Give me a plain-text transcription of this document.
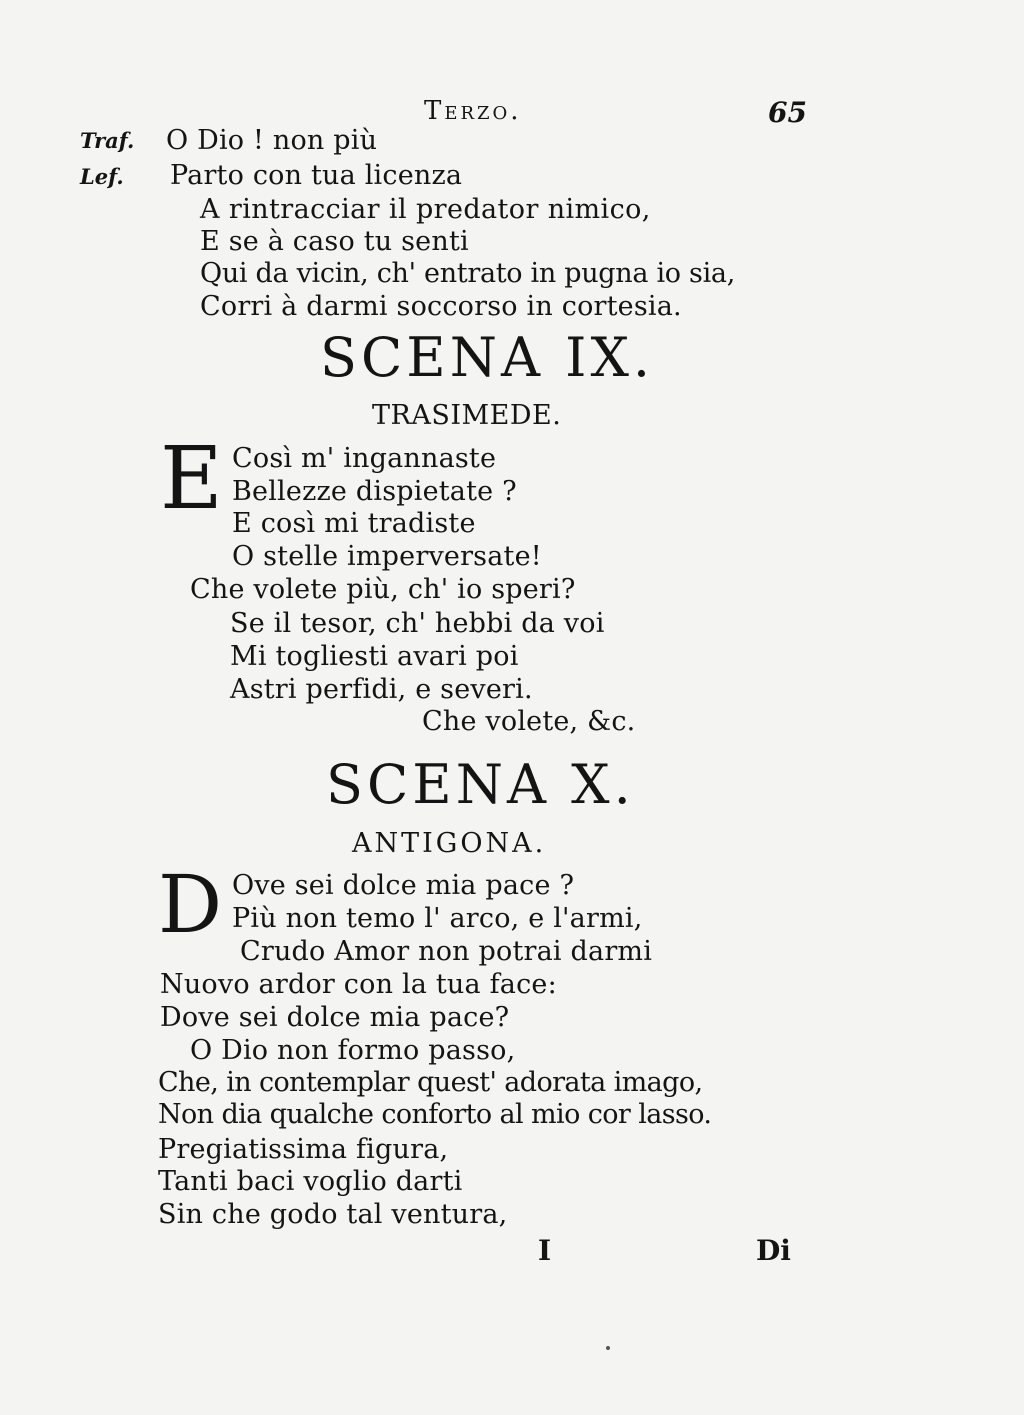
Terzo.	65
Traf. O Dio ! non più
Lef. Parto con tua licenza
A rintracciar il predator nimico,
E se à caso tu senti
Qui da vicin, ch' entrato in pugna io sia,
Corri à darmi soccorso in cortesia.
SCENA IX.
TRASIMEDE.
E Così m' ingannaste
Bellezze dispietate ?
E così mi tradiste
O stelle imperversate!
Che volete più, ch' io speri?
Se il tesor, ch' hebbi da voi
Mi togliesti avari poi
Astri perfidi, e severi.
Che volete, &c.
SCENA X.
ANTIGONA.
D Ove sei dolce mia pace ?
Più non temo l' arco, e l'armi,
Crudo Amor non potrai darmi
Nuovo ardor con la tua face:
Dove sei dolce mia pace?
O Dio non formo passo,
Che, in contemplar quest' adorata imago,
Non dia qualche conforto al mio cor lasso.
Pregiatissima figura,
Tanti baci voglio darti
Sin che godo tal ventura,
I	Di
